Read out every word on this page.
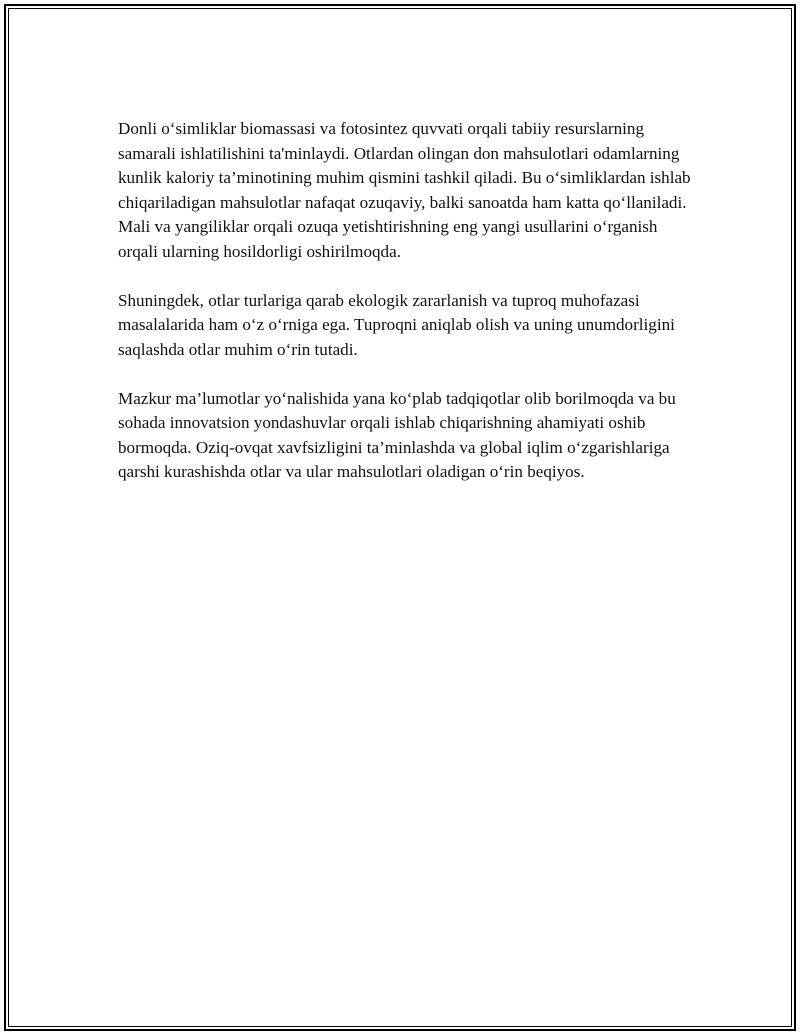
Donli o‘simliklar biomassasi va fotosintez quvvati orqali tabiiy resurslarning samarali ishlatilishini ta'minlaydi. Otlardan olingan don mahsulotlari odamlarning kunlik kaloriy ta’minotining muhim qismini tashkil qiladi. Bu o‘simliklardan ishlab chiqariladigan mahsulotlar nafaqat ozuqaviy, balki sanoatda ham katta qo‘llaniladi. Mali va yangiliklar orqali ozuqa yetishtirishning eng yangi usullarini o‘rganish orqali ularning hosildorligi oshirilmoqda.

Shuningdek, otlar turlariga qarab ekologik zararlanish va tuproq muhofazasi masalalarida ham o‘z o‘rniga ega. Tuproqni aniqlab olish va uning unumdorligini saqlashda otlar muhim o‘rin tutadi.

Mazkur ma’lumotlar yo‘nalishida yana ko‘plab tadqiqotlar olib borilmoqda va bu sohada innovatsion yondashuvlar orqali ishlab chiqarishning ahamiyati oshib bormoqda. Oziq-ovqat xavfsizligini ta’minlashda va global iqlim o‘zgarishlariga qarshi kurashishda otlar va ular mahsulotlari oladigan o‘rin beqiyos.
